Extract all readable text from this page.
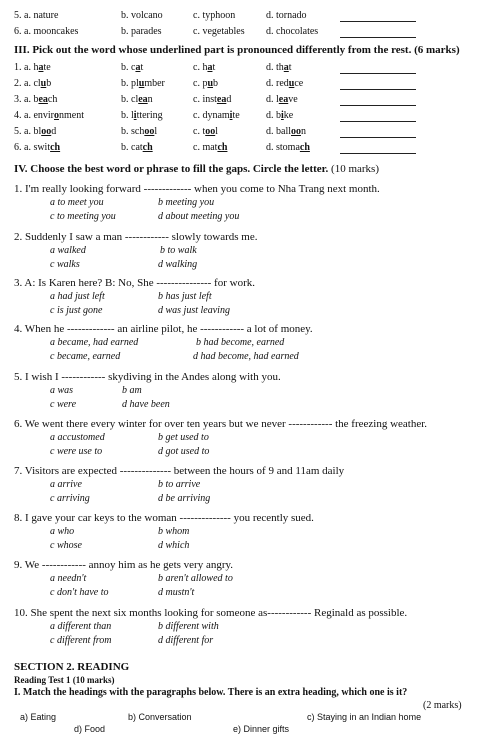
5. a. nature	b. volcano	c. typhoon	d. tornado
6. a. mooncakes	b. parades	c. vegetables d. chocolates
III. Pick out the word whose underlined part is pronounced differently from the rest. (6 marks)
1. a. hate	b. cat	c. hat	d. that
2. a. club	b. plumber	c. pub	d. reduce
3. a. beach	b. clean	c. instead	d. leave
4. a. environment	b. littering	c. dynamite	d. bike
5. a. blood	b. school	c. tool	d. balloon
6. a. switch	b. catch	c. match	d. stomach
IV. Choose the best word or phrase to fill the gaps. Circle the letter. (10 marks)
1. I'm really looking forward ------------- when you come to Nha Trang next month.
a to meet you	b meeting you
c to meeting you	d about meeting you
2. Suddenly I saw a man ------------ slowly towards me.
a walked	b to walk
c walks	d walking
3. A: Is Karen here? B: No, She --------------- for work.
a had just left	b has just left
c is just gone	d was just leaving
4. When he ------------- an airline pilot, he ------------ a lot of money.
a became, had earned	b had become, earned
c became, earned	d had become, had earned
5. I wish I ------------ skydiving in the Andes along with you.
a was	b am
c were	d have been
6. We went there every winter for over ten years but we never ------------ the freezing weather.
a accustomed	b get used to
c were use to	d got used to
7. Visitors are expected -------------- between the hours of 9 and 11am daily
a arrive	b to arrive
c arriving	d be arriving
8. I gave your car keys to the woman -------------- you recently sued.
a who	b whom
c whose	d which
9. We ------------ annoy him as he gets very angry.
a needn't	b aren't allowed to
c don't have to	d mustn't
10. She spent the next six months looking for someone as------------ Reginald as possible.
a different than	b different with
c different from	d different for
SECTION 2. READING
Reading Test 1 (10 marks)
I. Match the headings with the paragraphs below. There is an extra heading, which one is it?
(2 marks)
a) Eating	b) Conversation	c) Staying in an Indian home
d) Food	e) Dinner gifts
